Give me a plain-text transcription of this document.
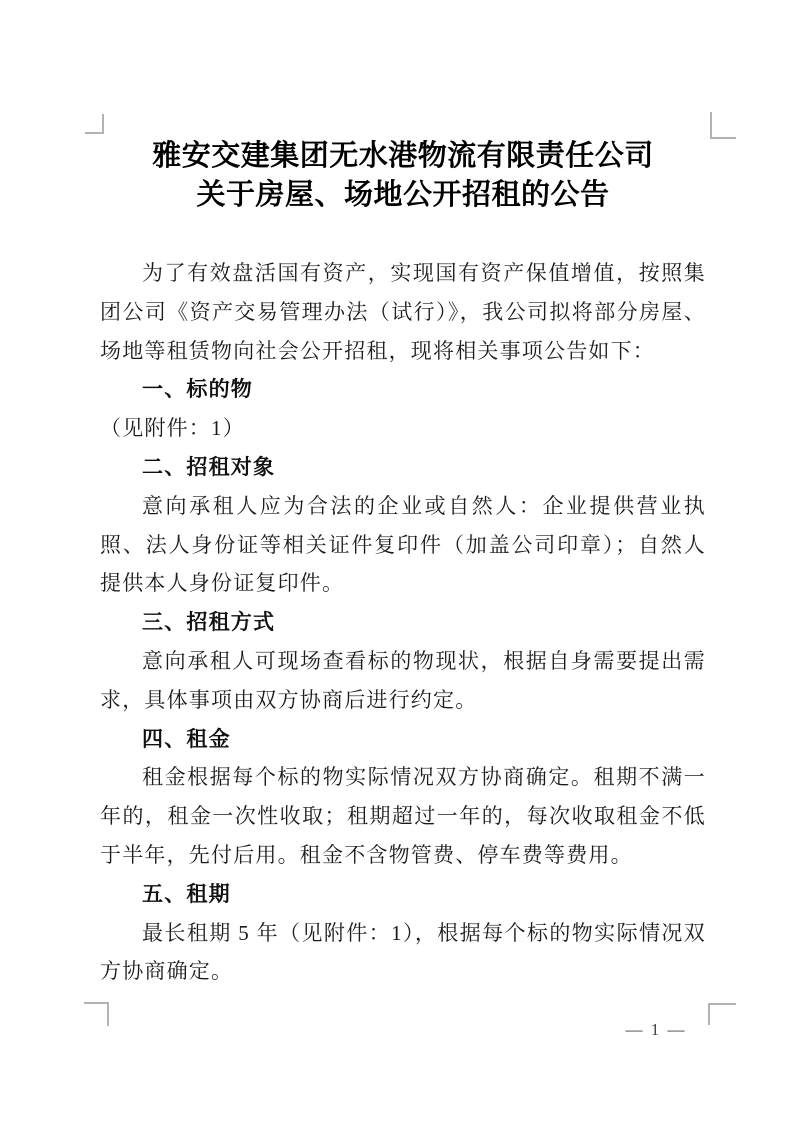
雅安交建集团无水港物流有限责任公司
关于房屋、场地公开招租的公告

为了有效盘活国有资产，实现国有资产保值增值，按照集团公司《资产交易管理办法（试行）》，我公司拟将部分房屋、场地等租赁物向社会公开招租，现将相关事项公告如下：

一、标的物

（见附件：1）

二、招租对象

意向承租人应为合法的企业或自然人：企业提供营业执照、法人身份证等相关证件复印件（加盖公司印章）；自然人提供本人身份证复印件。

三、招租方式

意向承租人可现场查看标的物现状，根据自身需要提出需求，具体事项由双方协商后进行约定。

四、租金

租金根据每个标的物实际情况双方协商确定。租期不满一年的，租金一次性收取；租期超过一年的，每次收取租金不低于半年，先付后用。租金不含物管费、停车费等费用。

五、租期

最长租期 5 年（见附件：1），根据每个标的物实际情况双方协商确定。

— 1 —
